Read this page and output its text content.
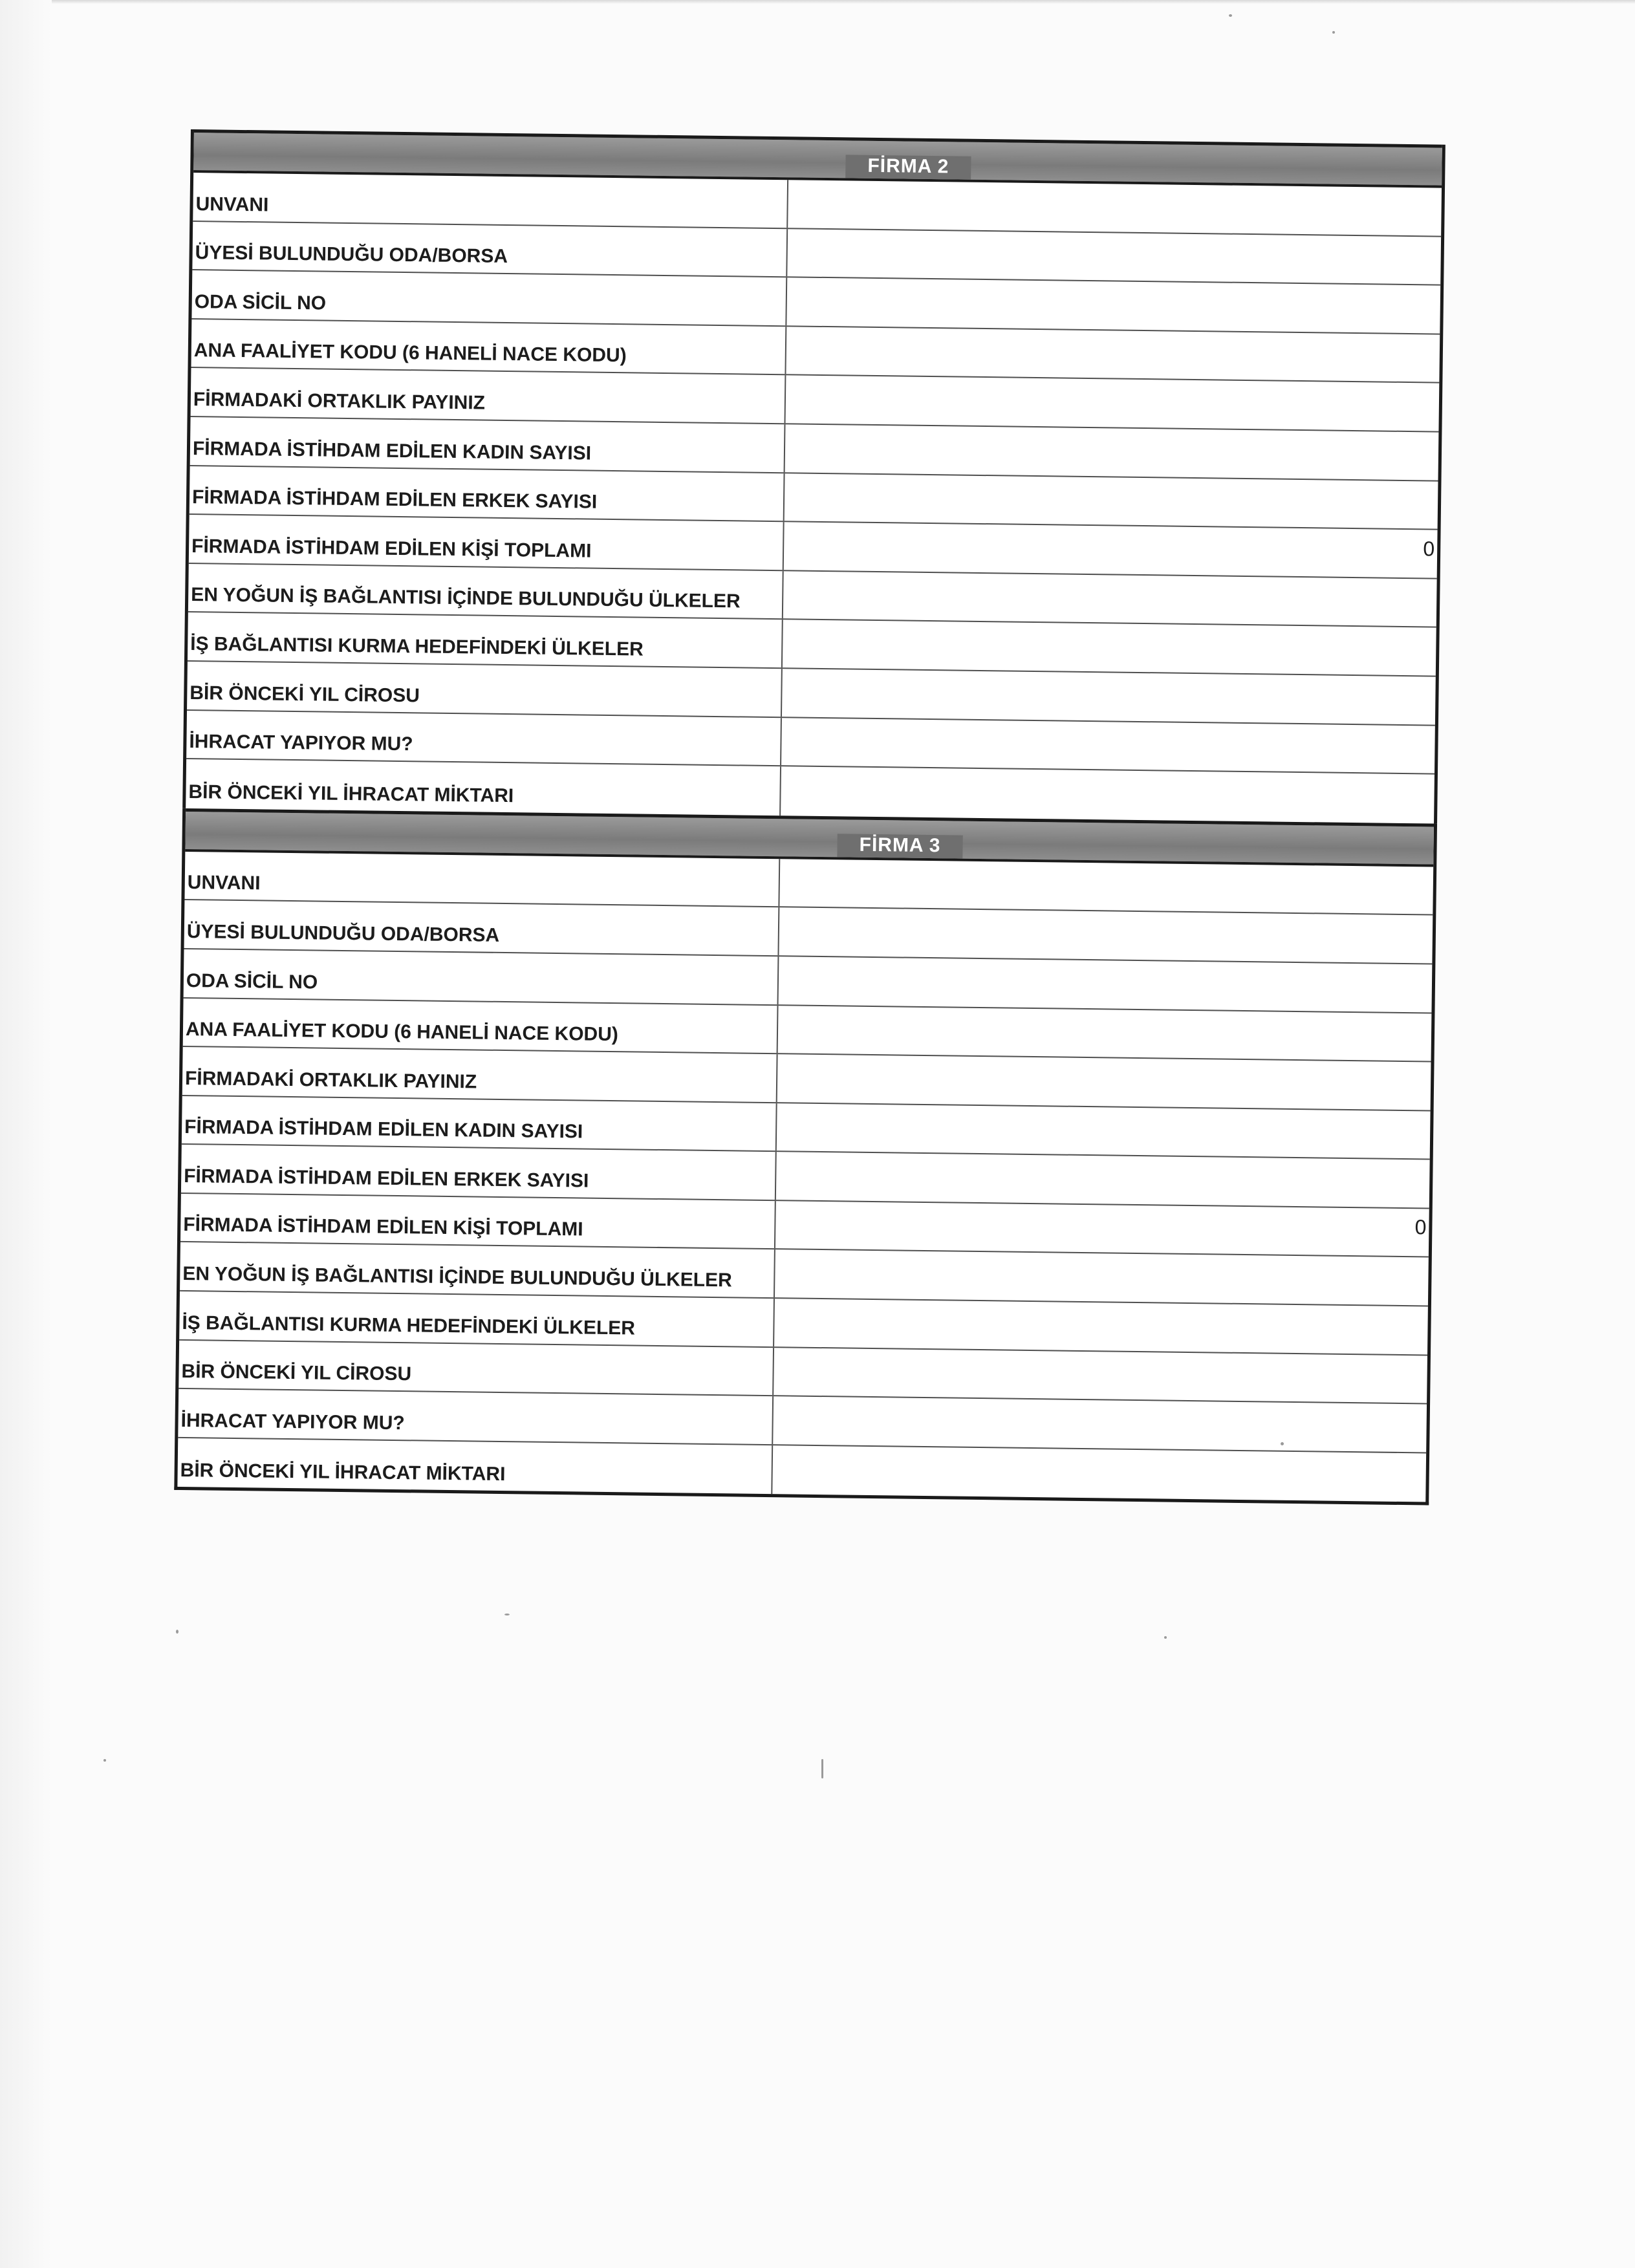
FİRMA 2
UNVANI
ÜYESİ BULUNDUĞU ODA/BORSA
ODA SİCİL NO
ANA FAALİYET KODU (6 HANELİ NACE KODU)
FİRMADAKİ ORTAKLIK PAYINIZ
FİRMADA İSTİHDAM EDİLEN KADIN SAYISI
FİRMADA İSTİHDAM EDİLEN ERKEK SAYISI
FİRMADA İSTİHDAM EDİLEN KİŞİ TOPLAMI	0
EN YOĞUN İŞ BAĞLANTISI İÇİNDE BULUNDUĞU ÜLKELER
İŞ BAĞLANTISI KURMA HEDEFİNDEKİ ÜLKELER
BİR ÖNCEKİ YIL CİROSU
İHRACAT YAPIYOR MU?
BİR ÖNCEKİ YIL İHRACAT MİKTARI
FİRMA 3
UNVANI
ÜYESİ BULUNDUĞU ODA/BORSA
ODA SİCİL NO
ANA FAALİYET KODU (6 HANELİ NACE KODU)
FİRMADAKİ ORTAKLIK PAYINIZ
FİRMADA İSTİHDAM EDİLEN KADIN SAYISI
FİRMADA İSTİHDAM EDİLEN ERKEK SAYISI
FİRMADA İSTİHDAM EDİLEN KİŞİ TOPLAMI	0
EN YOĞUN İŞ BAĞLANTISI İÇİNDE BULUNDUĞU ÜLKELER
İŞ BAĞLANTISI KURMA HEDEFİNDEKİ ÜLKELER
BİR ÖNCEKİ YIL CİROSU
İHRACAT YAPIYOR MU?
BİR ÖNCEKİ YIL İHRACAT MİKTARI
